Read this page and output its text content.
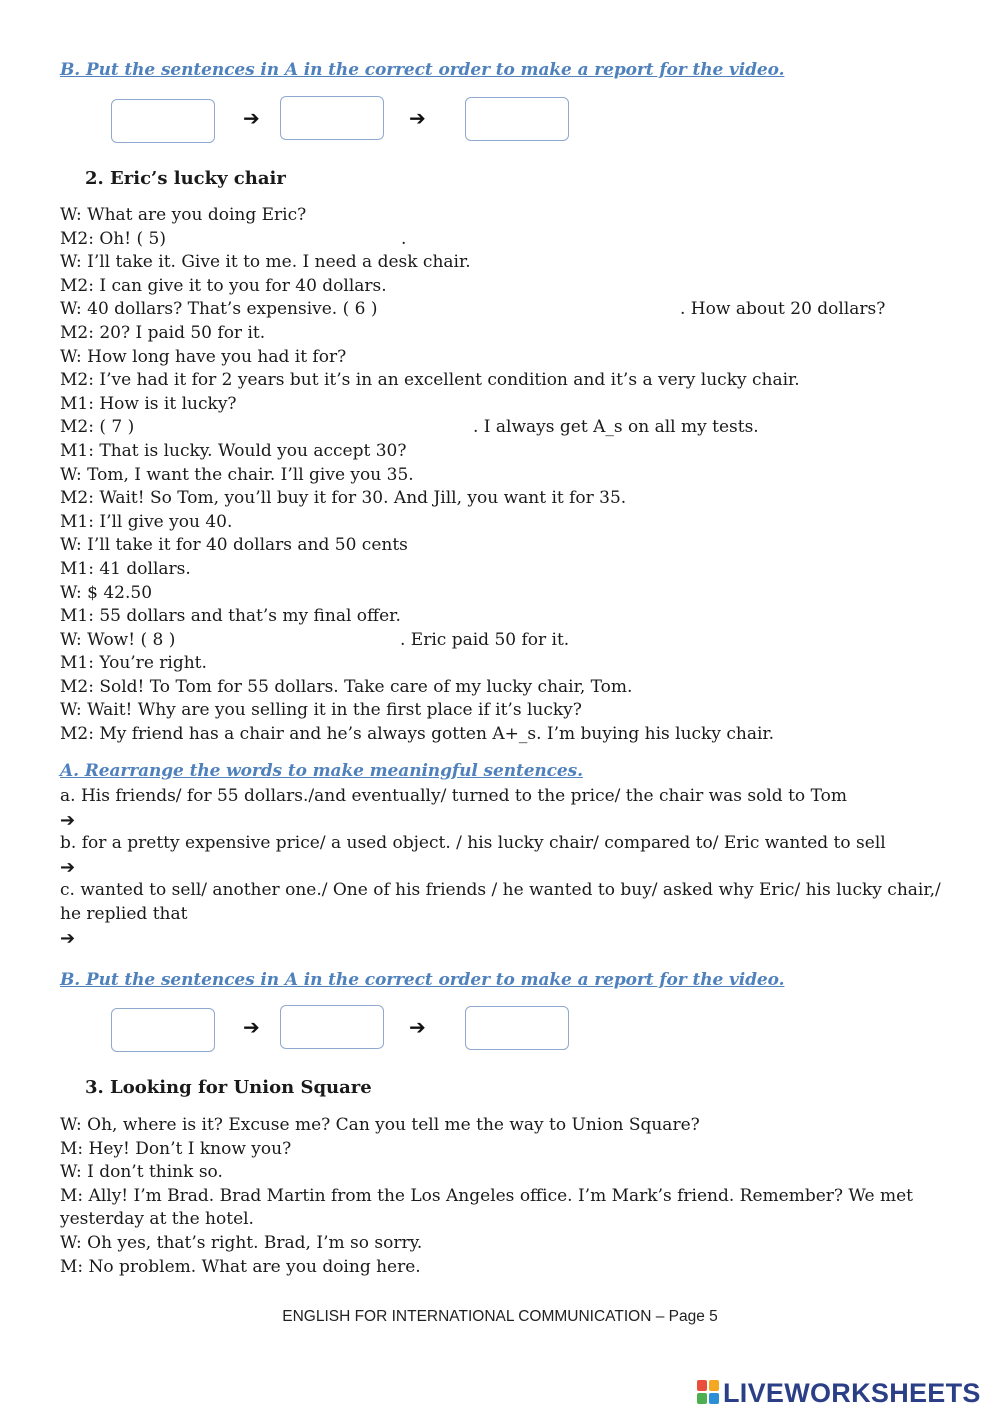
B. Put the sentences in A in the correct order to make a report for the video.
➔	➔
2. Eric’s lucky chair
W: What are you doing Eric?
M2: Oh! ( 5)	.
W: I’ll take it. Give it to me. I need a desk chair.
M2: I can give it to you for 40 dollars.
W: 40 dollars? That’s expensive. ( 6 )	. How about 20 dollars?
M2: 20? I paid 50 for it.
W: How long have you had it for?
M2: I’ve had it for 2 years but it’s in an excellent condition and it’s a very lucky chair.
M1: How is it lucky?
M2: ( 7 )	. I always get A_s on all my tests.
M1: That is lucky. Would you accept 30?
W: Tom, I want the chair. I’ll give you 35.
M2: Wait! So Tom, you’ll buy it for 30. And Jill, you want it for 35.
M1: I’ll give you 40.
W: I’ll take it for 40 dollars and 50 cents
M1: 41 dollars.
W: $ 42.50
M1: 55 dollars and that’s my final offer.
W: Wow! ( 8 )	. Eric paid 50 for it.
M1: You’re right.
M2: Sold! To Tom for 55 dollars. Take care of my lucky chair, Tom.
W: Wait! Why are you selling it in the first place if it’s lucky?
M2: My friend has a chair and he’s always gotten A+_s. I’m buying his lucky chair.
A. Rearrange the words to make meaningful sentences.
a. His friends/ for 55 dollars./and eventually/ turned to the price/ the chair was sold to Tom
➔
b. for a pretty expensive price/ a used object. / his lucky chair/ compared to/ Eric wanted to sell
➔
c. wanted to sell/ another one./ One of his friends / he wanted to buy/ asked why Eric/ his lucky chair,/ he replied that
➔
B. Put the sentences in A in the correct order to make a report for the video.
➔	➔
3. Looking for Union Square
W: Oh, where is it? Excuse me? Can you tell me the way to Union Square?
M: Hey! Don’t I know you?
W: I don’t think so.
M: Ally! I’m Brad. Brad Martin from the Los Angeles office. I’m Mark’s friend. Remember? We met yesterday at the hotel.
W: Oh yes, that’s right. Brad, I’m so sorry.
M: No problem. What are you doing here.
ENGLISH FOR INTERNATIONAL COMMUNICATION – Page 5
LIVEWORKSHEETS
